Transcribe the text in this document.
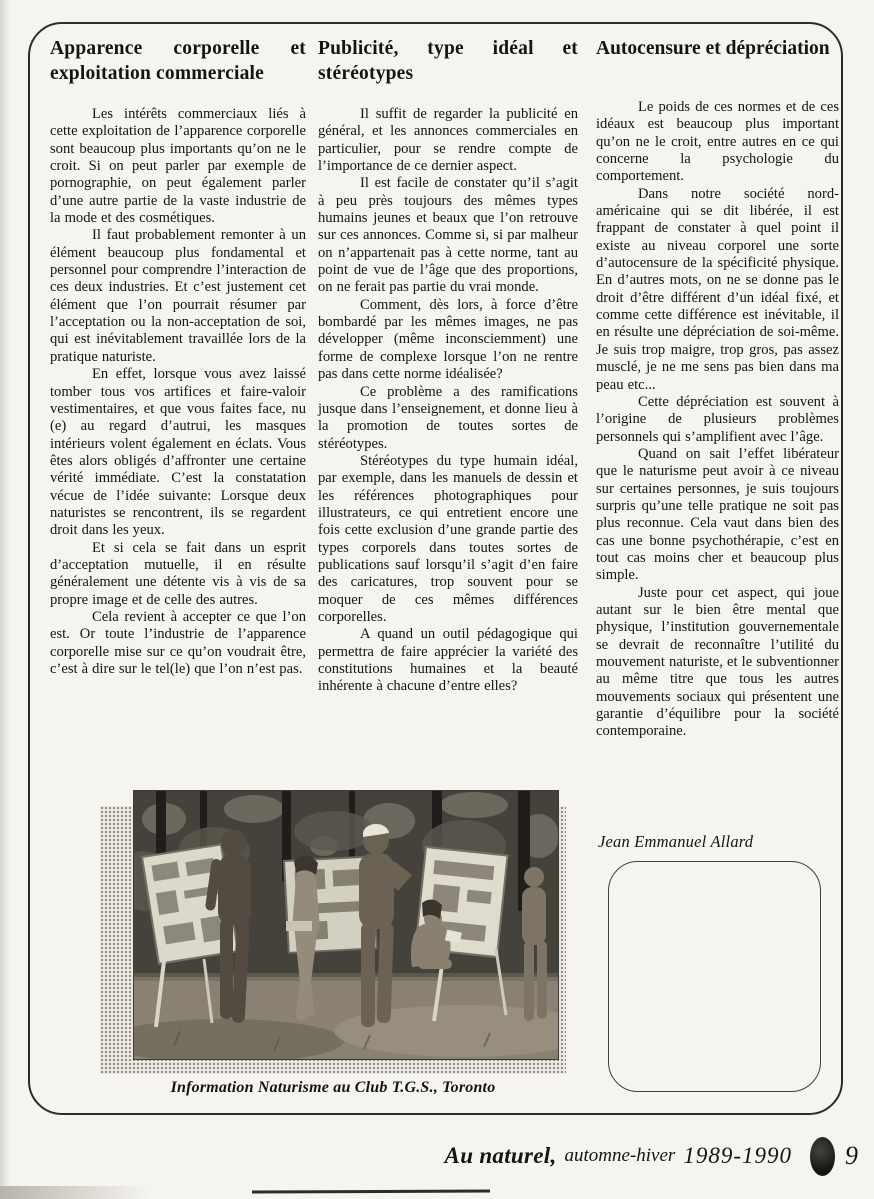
Apparence corporelle et exploitation commerciale

Les intérêts commerciaux liés à cette exploitation de l’apparence corporelle sont beaucoup plus importants qu’on ne le croit. Si on peut parler par exemple de pornographie, on peut également parler d’une autre partie de la vaste industrie de la mode et des cosmétiques.

Il faut probablement remonter à un élément beaucoup plus fondamental et personnel pour comprendre l’interaction de ces deux industries. Et c’est justement cet élément que l’on pourrait résumer par l’acceptation ou la non-acceptation de soi, qui est inévitablement travaillée lors de la pratique naturiste.

En effet, lorsque vous avez laissé tomber tous vos artifices et faire-valoir vestimentaires, et que vous faites face, nu (e) au regard d’autrui, les masques intérieurs volent également en éclats. Vous êtes alors obligés d’affronter une certaine vérité immédiate. C’est la constatation vécue de l’idée suivante: Lorsque deux naturistes se rencontrent, ils se regardent droit dans les yeux.

Et si cela se fait dans un esprit d’acceptation mutuelle, il en résulte généralement une détente vis à vis de sa propre image et de celle des autres.

Cela revient à accepter ce que l’on est. Or toute l’industrie de l’apparence corporelle mise sur ce qu’on voudrait être, c’est à dire sur le tel(le) que l’on n’est pas.

Publicité, type idéal et stéréotypes

Il suffit de regarder la publicité en général, et les annonces commerciales en particulier, pour se rendre compte de l’importance de ce dernier aspect.

Il est facile de constater qu’il s’agit à peu près toujours des mêmes types humains jeunes et beaux que l’on retrouve sur ces annonces. Comme si, si par malheur on n’appartenait pas à cette norme, tant au point de vue de l’âge que des proportions, on ne ferait pas partie du vrai monde.

Comment, dès lors, à force d’être bombardé par les mêmes images, ne pas développer (même inconsciemment) une forme de complexe lorsque l’on ne rentre pas dans cette norme idéalisée?

Ce problème a des ramifications jusque dans l’enseignement, et donne lieu à la promotion de toutes sortes de stéréotypes.

Stéréotypes du type humain idéal, par exemple, dans les manuels de dessin et les références photographiques pour illustrateurs, ce qui entretient encore une fois cette exclusion d’une grande partie des types corporels dans toutes sortes de publications sauf lorsqu’il s’agit d’en faire des caricatures, trop souvent pour se moquer de ces mêmes différences corporelles.

A quand un outil pédagogique qui permettra de faire apprécier la variété des constitutions humaines et la beauté inhérente à chacune d’entre elles?

Autocensure et dépréciation

Le poids de ces normes et de ces idéaux est beaucoup plus important qu’on ne le croit, entre autres en ce qui concerne la psychologie du comportement.

Dans notre société nord-américaine qui se dit libérée, il est frappant de constater à quel point il existe au niveau corporel une sorte d’autocensure de la spécificité physique. En d’autres mots, on ne se donne pas le droit d’être différent d’un idéal fixé, et comme cette différence est inévitable, il en résulte une dépréciation de soi-même. Je suis trop maigre, trop gros, pas assez musclé, je ne me sens pas bien dans ma peau etc...

Cette dépréciation est souvent à l’origine de plusieurs problèmes personnels qui s’amplifient avec l’âge.

Quand on sait l’effet libérateur que le naturisme peut avoir à ce niveau sur certaines personnes, je suis toujours surpris qu’une telle pratique ne soit pas plus reconnue. Cela vaut dans bien des cas une bonne psychothérapie, c’est en tout cas moins cher et beaucoup plus simple.

Juste pour cet aspect, qui joue autant sur le bien être mental que physique, l’institution gouvernementale se devrait de reconnaître l’utilité du mouvement naturiste, et le subventionner au même titre que tous les autres mouvements sociaux qui présentent une garantie d’équilibre pour la société contemporaine.

Jean Emmanuel Allard
Information Naturisme au Club T.G.S., Toronto
Au naturel, automne-hiver 1989-1990 9
